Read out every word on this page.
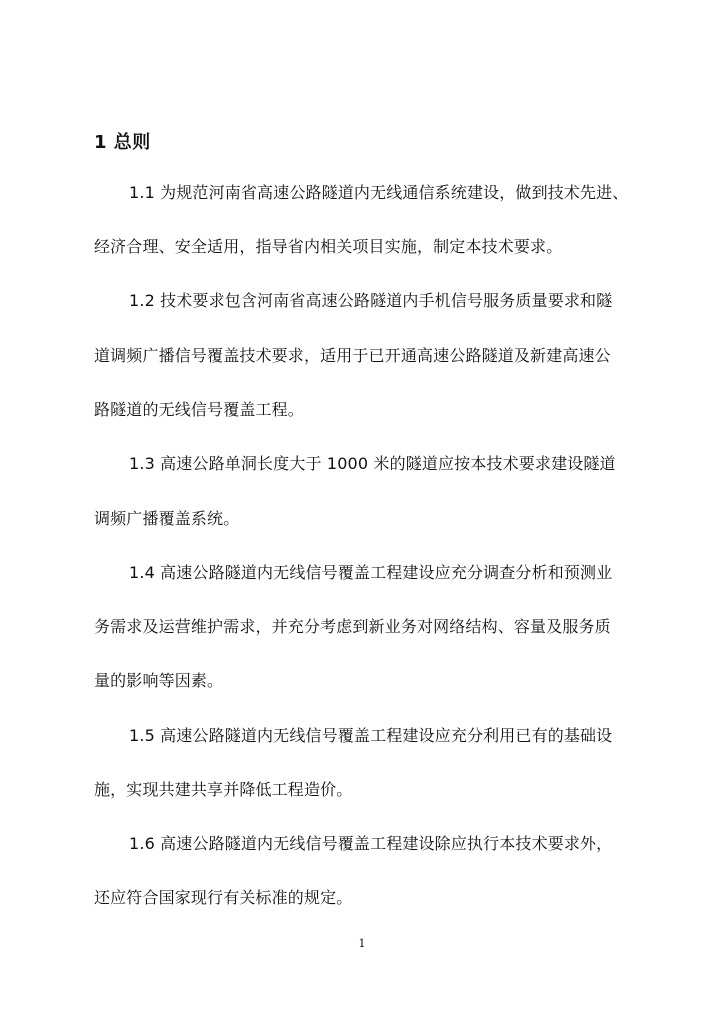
1 总则
1.1 为规范河南省高速公路隧道内无线通信系统建设，做到技术先进、
经济合理、安全适用，指导省内相关项目实施，制定本技术要求。
1.2 技术要求包含河南省高速公路隧道内手机信号服务质量要求和隧
道调频广播信号覆盖技术要求，适用于已开通高速公路隧道及新建高速公
路隧道的无线信号覆盖工程。
1.3 高速公路单洞长度大于 1000 米的隧道应按本技术要求建设隧道
调频广播覆盖系统。
1.4 高速公路隧道内无线信号覆盖工程建设应充分调查分析和预测业
务需求及运营维护需求，并充分考虑到新业务对网络结构、容量及服务质
量的影响等因素。
1.5 高速公路隧道内无线信号覆盖工程建设应充分利用已有的基础设
施，实现共建共享并降低工程造价。
1.6 高速公路隧道内无线信号覆盖工程建设除应执行本技术要求外，
还应符合国家现行有关标准的规定。
1
